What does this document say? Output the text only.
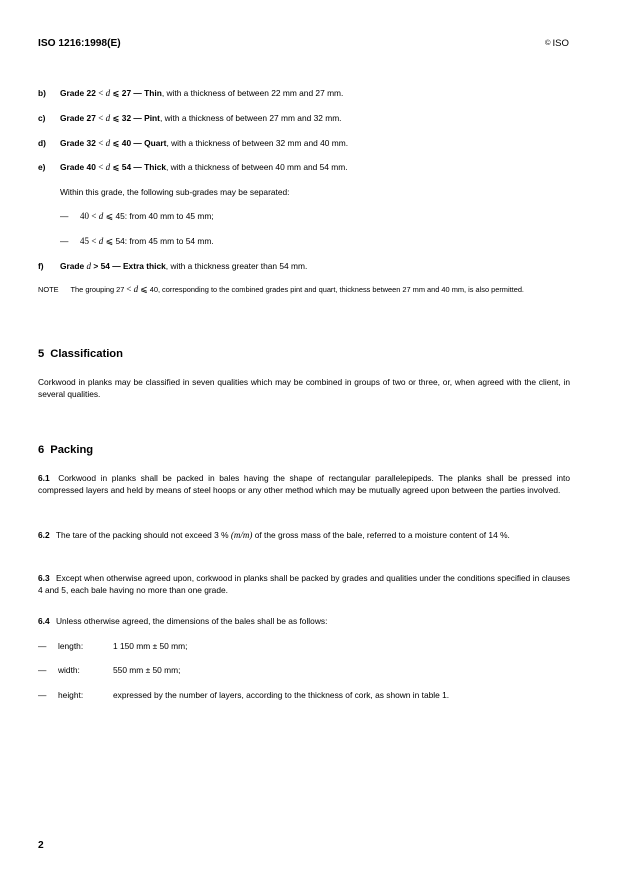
ISO 1216:1998(E)	© ISO
b) Grade 22 < d ⩽ 27 — Thin, with a thickness of between 22 mm and 27 mm.
c) Grade 27 < d ⩽ 32 — Pint, with a thickness of between 27 mm and 32 mm.
d) Grade 32 < d ⩽ 40 — Quart, with a thickness of between 32 mm and 40 mm.
e) Grade 40 < d ⩽ 54 — Thick, with a thickness of between 40 mm and 54 mm.
Within this grade, the following sub-grades may be separated:
— 40 < d ⩽ 45: from 40 mm to 45 mm;
— 45 < d ⩽ 54: from 45 mm to 54 mm.
f) Grade d > 54 — Extra thick, with a thickness greater than 54 mm.
NOTE The grouping 27 < d ⩽ 40, corresponding to the combined grades pint and quart, thickness between 27 mm and 40 mm, is also permitted.
5 Classification
Corkwood in planks may be classified in seven qualities which may be combined in groups of two or three, or, when agreed with the client, in several qualities.
6 Packing
6.1 Corkwood in planks shall be packed in bales having the shape of rectangular parallelepipeds. The planks shall be pressed into compressed layers and held by means of steel hoops or any other method which may be mutually agreed upon between the parties involved.
6.2 The tare of the packing should not exceed 3 % (m/m) of the gross mass of the bale, referred to a moisture content of 14 %.
6.3 Except when otherwise agreed upon, corkwood in planks shall be packed by grades and qualities under the conditions specified in clauses 4 and 5, each bale having no more than one grade.
6.4 Unless otherwise agreed, the dimensions of the bales shall be as follows:
— length:	1 150 mm ± 50 mm;
— width:	550 mm ± 50 mm;
— height:	expressed by the number of layers, according to the thickness of cork, as shown in table 1.
2
